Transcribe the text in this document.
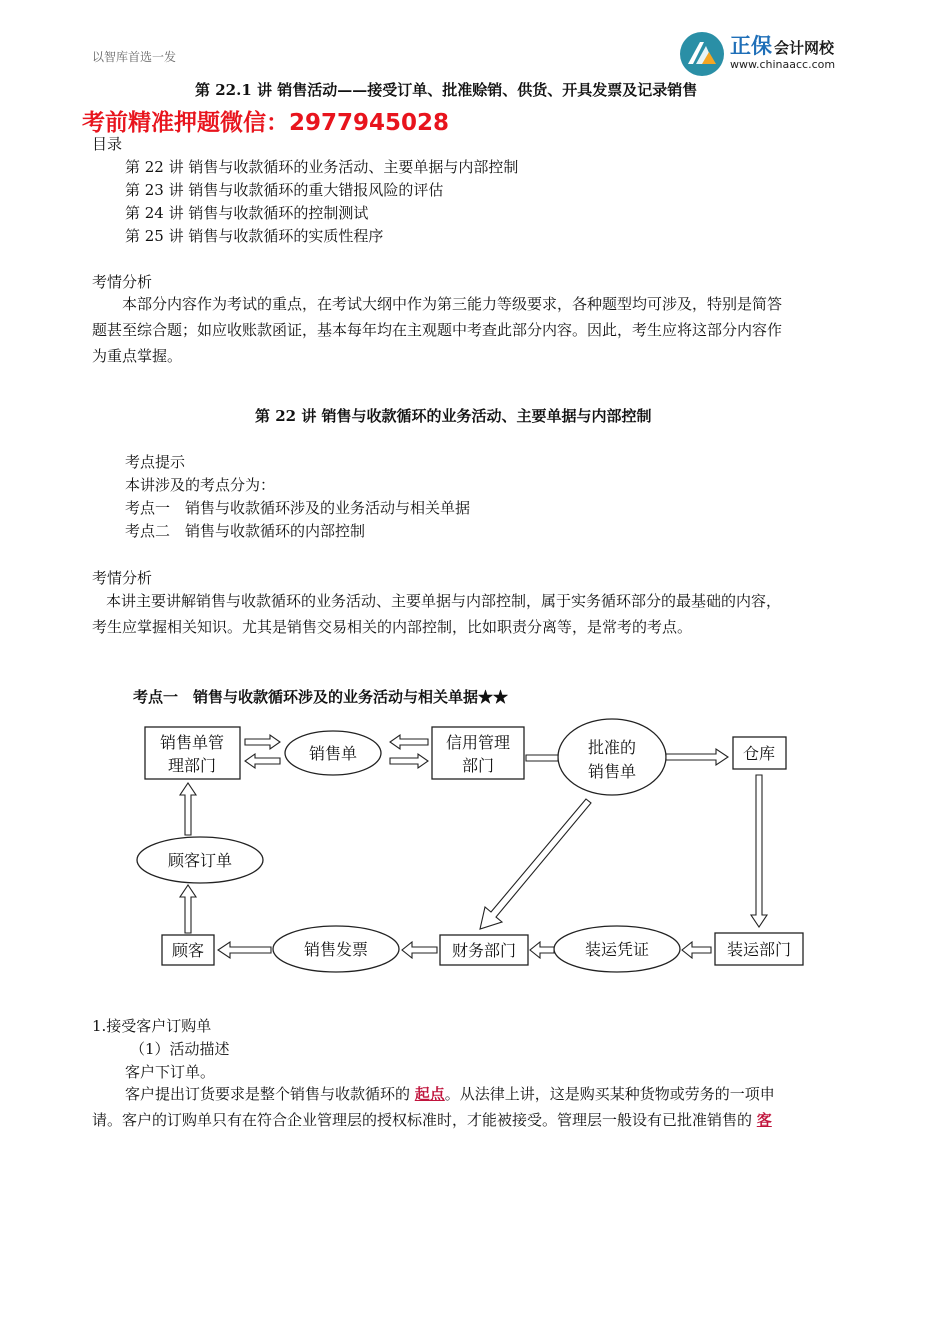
以智库首选一发	正保 会计网校
www.chinaacc.com
第 22.1 讲 销售活动——接受订单、批准赊销、供货、开具发票及记录销售
考前精准押题微信：2977945028
目录
第 22 讲 销售与收款循环的业务活动、主要单据与内部控制
第 23 讲 销售与收款循环的重大错报风险的评估
第 24 讲 销售与收款循环的控制测试
第 25 讲 销售与收款循环的实质性程序
考情分析
本部分内容作为考试的重点，在考试大纲中作为第三能力等级要求，各种题型均可涉及，特别是简答
题甚至综合题；如应收账款函证，基本每年均在主观题中考查此部分内容。因此，考生应将这部分内容作
为重点掌握。
第 22 讲 销售与收款循环的业务活动、主要单据与内部控制
考点提示
本讲涉及的考点分为：
考点一　销售与收款循环涉及的业务活动与相关单据
考点二　销售与收款循环的内部控制
考情分析
本讲主要讲解销售与收款循环的业务活动、主要单据与内部控制，属于实务循环部分的最基础的内容，
考生应掌握相关知识。尤其是销售交易相关的内部控制，比如职责分离等，是常考的考点。
考点一　销售与收款循环涉及的业务活动与相关单据★★
销售单管
理部门
销售单
信用管理
部门
批准的
销售单
仓库
顾客订单
顾客	销售发票	财务部门	装运凭证	装运部门
1.接受客户订购单
（1）活动描述
客户下订单。
客户提出订货要求是整个销售与收款循环的 起点。从法律上讲，这是购买某种货物或劳务的一项申
请。客户的订购单只有在符合企业管理层的授权标准时，才能被接受。管理层一般设有已批准销售的 客
